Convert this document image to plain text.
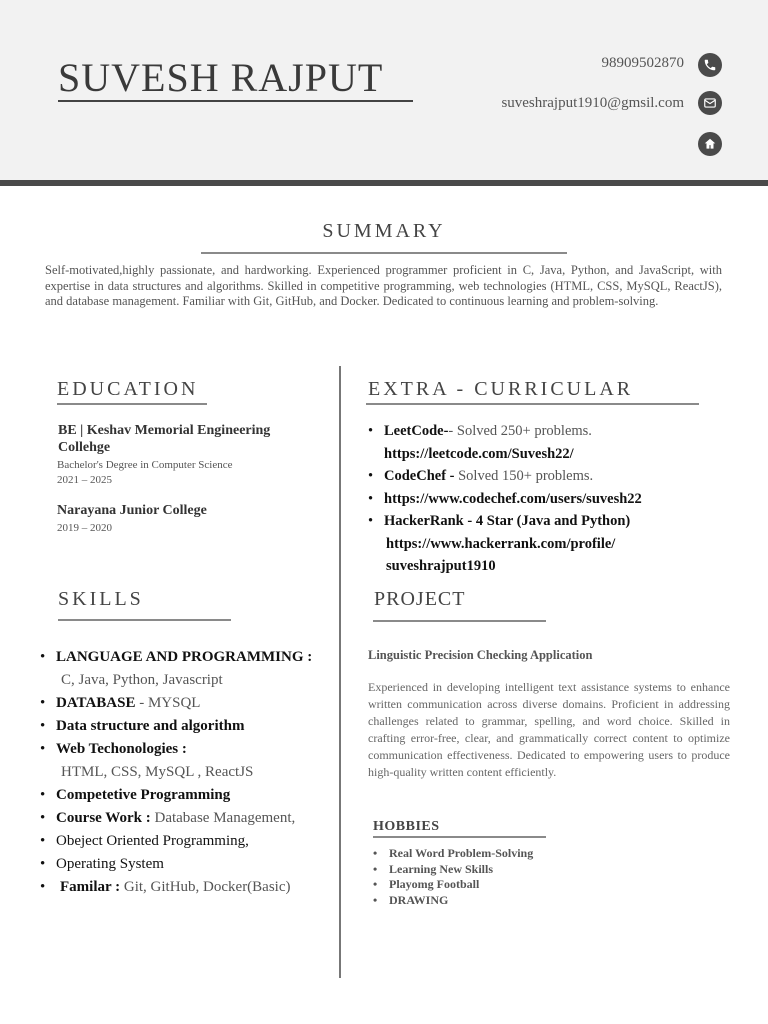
SUVESH RAJPUT	98909502870
suveshrajput1910@gmsil.com
SUMMARY
Self-motivated,highly passionate, and hardworking. Experienced programmer proficient in C, Java, Python, and JavaScript, with expertise in data structures and algorithms. Skilled in competitive programming, web technologies (HTML, CSS, MySQL, ReactJS), and database management. Familiar with Git, GitHub, and Docker. Dedicated to continuous learning and problem-solving.
EDUCATION
BE | Keshav Memorial Engineering Collehge
Bachelor's Degree in Computer Science
2021 – 2025
Narayana Junior College
2019 – 2020
SKILLS
• LANGUAGE AND PROGRAMMING :
C, Java, Python, Javascript
• DATABASE - MYSQL
• Data structure and algorithm
• Web Techonologies :
HTML, CSS, MySQL , ReactJS
• Competetive Programming
• Course Work : Database Management,
• Obeject Oriented Programming,
• Operating System
• Familar : Git, GitHub, Docker(Basic)
EXTRA - CURRICULAR
• LeetCode-- Solved 250+ problems.
https://leetcode.com/Suvesh22/
• CodeChef - Solved 150+ problems.
• https://www.codechef.com/users/suvesh22
• HackerRank - 4 Star (Java and Python)
https://www.hackerrank.com/profile/
suveshrajput1910
PROJECT
Linguistic Precision Checking Application
Experienced in developing intelligent text assistance systems to enhance written communication across diverse domains. Proficient in addressing challenges related to grammar, spelling, and word choice. Skilled in crafting error-free, clear, and grammatically correct content to optimize communication effectiveness. Dedicated to empowering users to produce high-quality written content efficiently.
HOBBIES
• Real Word Problem-Solving
• Learning New Skills
• Playomg Football
• DRAWING
